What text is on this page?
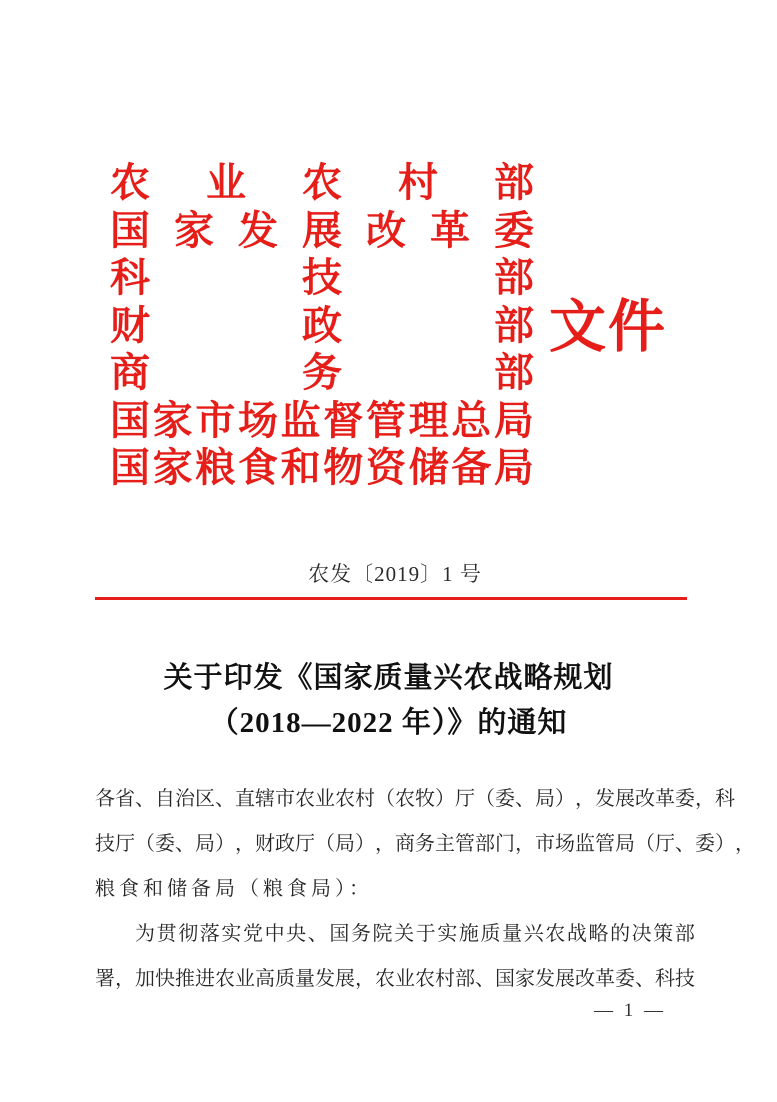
农 业 农 村 部
国 家 发 展 改 革 委
科	技	部
财	政	部
商	务	部
国 家 市 场 监 督 管 理 总 局
国 家 粮 食 和 物 资 储 备 局
文件
农发〔2019〕1 号
关于印发《国家质量兴农战略规划
（2018—2022 年）》的通知
各 省 、 自 治 区 、 直 辖 市 农 业 农 村 （ 农 牧 ） 厅 （ 委 、 局 ） ， 发 展 改 革 委 ， 科
技 厅 （ 委 、 局 ） ， 财 政 厅 （ 局 ） ， 商 务 主 管 部 门 ， 市 场 监 管 局 （ 厅 、 委 ） ，
粮食和储备局（粮食局）：
为 贯 彻 落 实 党 中 央 、 国 务 院 关 于 实 施 质 量 兴 农 战 略 的 决 策 部
署 ， 加 快 推 进 农 业 高 质 量 发 展 ， 农 业 农 村 部 、 国 家 发 展 改 革 委 、 科 技
— 1 —
